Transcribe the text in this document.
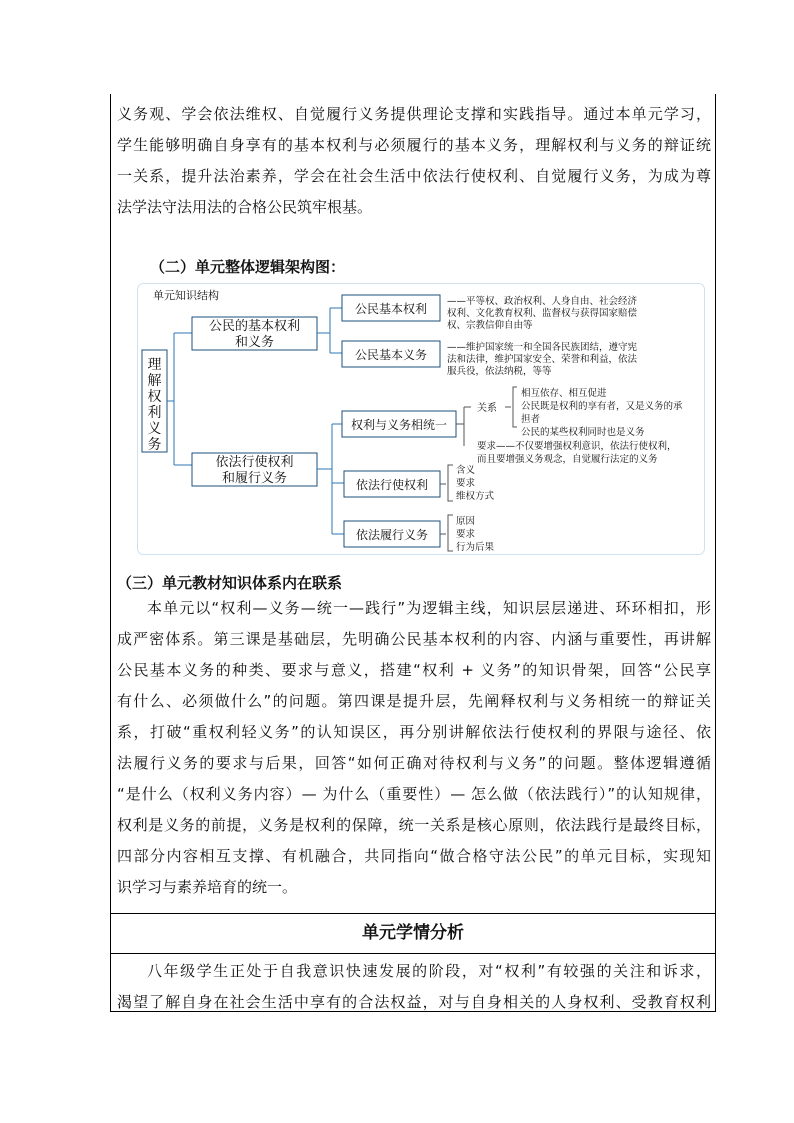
义务观、学会依法维权、自觉履行义务提供理论支撑和实践指导。通过本单元学习，
学生能够明确自身享有的基本权利与必须履行的基本义务，理解权利与义务的辩证统
一关系，提升法治素养，学会在社会生活中依法行使权利、自觉履行义务，为成为尊
法学法守法用法的合格公民筑牢根基。

（二）单元整体逻辑架构图：

单元知识结构
理
解
权
利
义
务
公民的基本权利
和义务
公民基本权利
——平等权、政治权利、人身自由、社会经济
权利、文化教育权利、监督权与获得国家赔偿
权、宗教信仰自由等
公民基本义务
——维护国家统一和全国各民族团结，遵守宪
法和法律，维护国家安全、荣誉和利益，依法
服兵役，依法纳税，等等
依法行使权利
和履行义务
权利与义务相统一
关系
相互依存、相互促进
公民既是权利的享有者，又是义务的承
担者
公民的某些权利同时也是义务
要求——不仅要增强权利意识，依法行使权利，
而且要增强义务观念，自觉履行法定的义务
依法行使权利
含义
要求
维权方式
依法履行义务
原因
要求
行为后果

（三）单元教材知识体系内在联系

本单元以“权利—义务—统一—践行”为逻辑主线，知识层层递进、环环相扣，形
成严密体系。第三课是基础层，先明确公民基本权利的内容、内涵与重要性，再讲解
公民基本义务的种类、要求与意义，搭建“权利 + 义务”的知识骨架，回答“公民享
有什么、必须做什么”的问题。第四课是提升层，先阐释权利与义务相统一的辩证关
系，打破“重权利轻义务”的认知误区，再分别讲解依法行使权利的界限与途径、依
法履行义务的要求与后果，回答“如何正确对待权利与义务”的问题。整体逻辑遵循
“是什么（权利义务内容）— 为什么（重要性）— 怎么做（依法践行）”的认知规律，
权利是义务的前提，义务是权利的保障，统一关系是核心原则，依法践行是最终目标，
四部分内容相互支撑、有机融合，共同指向“做合格守法公民”的单元目标，实现知
识学习与素养培育的统一。
单元学情分析
八年级学生正处于自我意识快速发展的阶段，对“权利”有较强的关注和诉求，
渴望了解自身在社会生活中享有的合法权益，对与自身相关的人身权利、受教育权利
